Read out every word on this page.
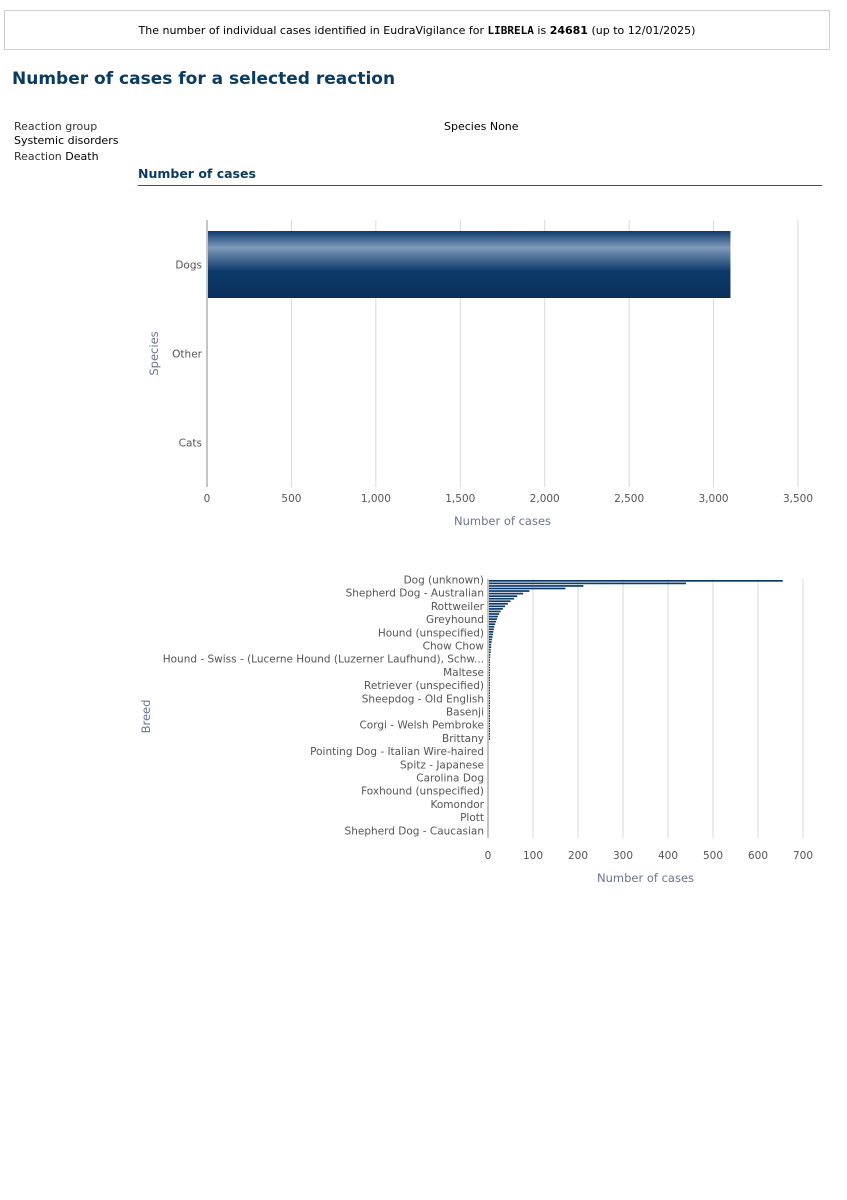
The number of individual cases identified in EudraVigilance for
LIBRELA
is
24681
(up to 12/01/2025)
Number of cases for a selected reaction
Reaction group Systemic disorders
Reaction Death
Species None
Number of cases
0	500	1,000	1,500	2,000	2,500	3,000	3,500
Dogs
Other
Cats
Number of cases
Species
0	100 200 300 400 500 600 700
Dog (unknown)
Shepherd Dog - Australian
Rottweiler
Greyhound
Hound (unspecified)
Chow Chow
Hound - Swiss - (Lucerne Hound (Luzerner Laufhund), Schw...
Maltese
Retriever (unspecified)
Sheepdog - Old English
Basenji
Corgi - Welsh Pembroke
Brittany
Pointing Dog - Italian Wire-haired
Spitz - Japanese
Carolina Dog
Foxhound (unspecified)
Komondor
Plott
Shepherd Dog - Caucasian
Number of cases
Breed
